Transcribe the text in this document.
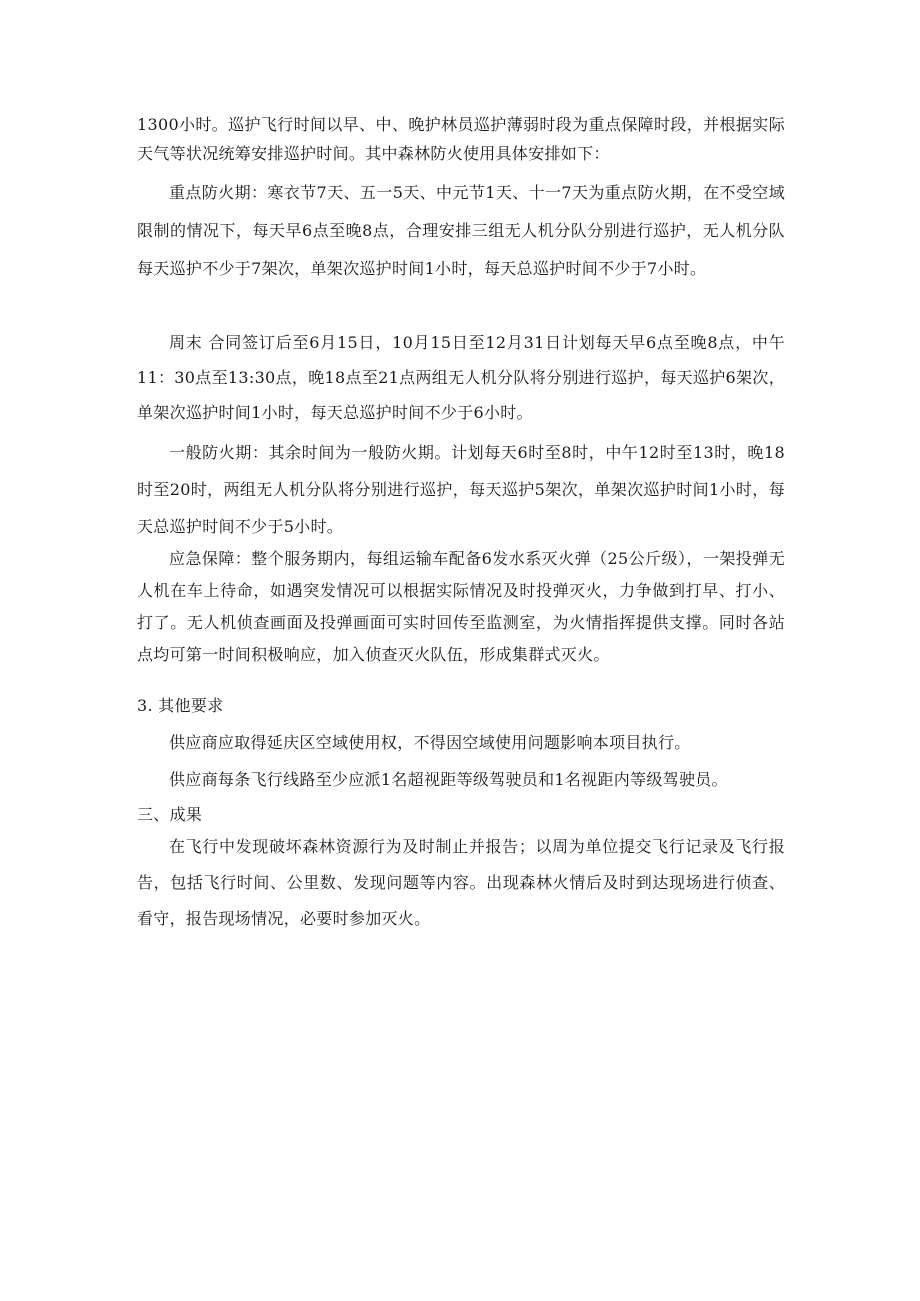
1300小时。巡护飞行时间以早、中、晚护林员巡护薄弱时段为重点保障时段，并根据实际天气等状况统筹安排巡护时间。其中森林防火使用具体安排如下：

重点防火期：寒衣节7天、五一5天、中元节1天、十一7天为重点防火期，在不受空域限制的情况下，每天早6点至晚8点，合理安排三组无人机分队分别进行巡护，无人机分队每天巡护不少于7架次，单架次巡护时间1小时，每天总巡护时间不少于7小时。

周末 合同签订后至6月15日，10月15日至12月31日计划每天早6点至晚8点，中午11：30点至13:30点，晚18点至21点两组无人机分队将分别进行巡护，每天巡护6架次，单架次巡护时间1小时，每天总巡护时间不少于6小时。

一般防火期：其余时间为一般防火期。计划每天6时至8时，中午12时至13时，晚18时至20时，两组无人机分队将分别进行巡护，每天巡护5架次，单架次巡护时间1小时，每天总巡护时间不少于5小时。

应急保障：整个服务期内，每组运输车配备6发水系灭火弹（25公斤级），一架投弹无人机在车上待命，如遇突发情况可以根据实际情况及时投弹灭火，力争做到打早、打小、打了。无人机侦查画面及投弹画面可实时回传至监测室，为火情指挥提供支撑。同时各站点均可第一时间积极响应，加入侦查灭火队伍，形成集群式灭火。

3. 其他要求

供应商应取得延庆区空域使用权，不得因空域使用问题影响本项目执行。

供应商每条飞行线路至少应派1名超视距等级驾驶员和1名视距内等级驾驶员。

三、成果

在飞行中发现破坏森林资源行为及时制止并报告；以周为单位提交飞行记录及飞行报告，包括飞行时间、公里数、发现问题等内容。出现森林火情后及时到达现场进行侦查、看守，报告现场情况，必要时参加灭火。
